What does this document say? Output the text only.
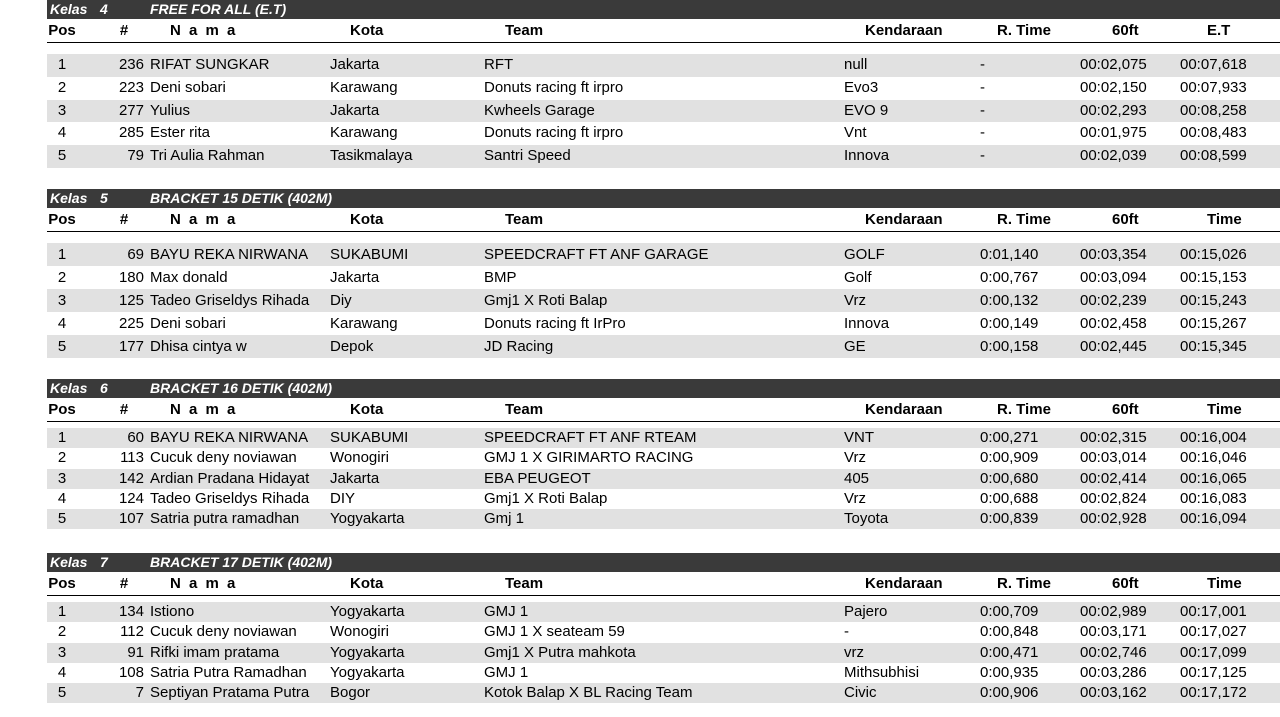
Kelas 4	FREE FOR ALL (E.T)
Pos	#	N a m a	Kota	Team	Kendaraan	R. Time	60ft	E.T
1	236 RIFAT SUNGKAR	Jakarta	RFT	null	-	00:02,075	00:07,618
2	223 Deni sobari	Karawang	Donuts racing ft irpro	Evo3	-	00:02,150	00:07,933
3	277 Yulius	Jakarta	Kwheels Garage	EVO 9	-	00:02,293	00:08,258
4	285 Ester rita	Karawang	Donuts racing ft irpro	Vnt	-	00:01,975	00:08,483
5	79 Tri Aulia Rahman	Tasikmalaya	Santri Speed	Innova	-	00:02,039	00:08,599
Kelas 5	BRACKET 15 DETIK (402M)
Pos	#	N a m a	Kota	Team	Kendaraan	R. Time	60ft	Time
1	69 BAYU REKA NIRWANA	SUKABUMI	SPEEDCRAFT FT ANF GARAGE	GOLF	0:01,140	00:03,354	00:15,026
2	180 Max donald	Jakarta	BMP	Golf	0:00,767	00:03,094	00:15,153
3	125 Tadeo Griseldys Rihada	Diy	Gmj1 X Roti Balap	Vrz	0:00,132	00:02,239	00:15,243
4	225 Deni sobari	Karawang	Donuts racing ft IrPro	Innova	0:00,149	00:02,458	00:15,267
5	177 Dhisa cintya w	Depok	JD Racing	GE	0:00,158	00:02,445	00:15,345
Kelas 6	BRACKET 16 DETIK (402M)
Pos	#	N a m a	Kota	Team	Kendaraan	R. Time	60ft	Time
1	60 BAYU REKA NIRWANA	SUKABUMI	SPEEDCRAFT FT ANF RTEAM	VNT	0:00,271	00:02,315	00:16,004
2	113 Cucuk deny noviawan	Wonogiri	GMJ 1 X GIRIMARTO RACING	Vrz	0:00,909	00:03,014	00:16,046
3	142 Ardian Pradana Hidayat	Jakarta	EBA PEUGEOT	405	0:00,680	00:02,414	00:16,065
4	124 Tadeo Griseldys Rihada	DIY	Gmj1 X Roti Balap	Vrz	0:00,688	00:02,824	00:16,083
5	107 Satria putra ramadhan	Yogyakarta	Gmj 1	Toyota	0:00,839	00:02,928	00:16,094
Kelas 7	BRACKET 17 DETIK (402M)
Pos	#	N a m a	Kota	Team	Kendaraan	R. Time	60ft	Time
1	134 Istiono	Yogyakarta	GMJ 1	Pajero	0:00,709	00:02,989	00:17,001
2	112 Cucuk deny noviawan	Wonogiri	GMJ 1 X seateam 59	-	0:00,848	00:03,171	00:17,027
3	91 Rifki imam pratama	Yogyakarta	Gmj1 X Putra mahkota	vrz	0:00,471	00:02,746	00:17,099
4	108 Satria Putra Ramadhan	Yogyakarta	GMJ 1	Mithsubhisi	0:00,935	00:03,286	00:17,125
5	7 Septiyan Pratama Putra	Bogor	Kotok Balap X BL Racing Team	Civic	0:00,906	00:03,162	00:17,172
